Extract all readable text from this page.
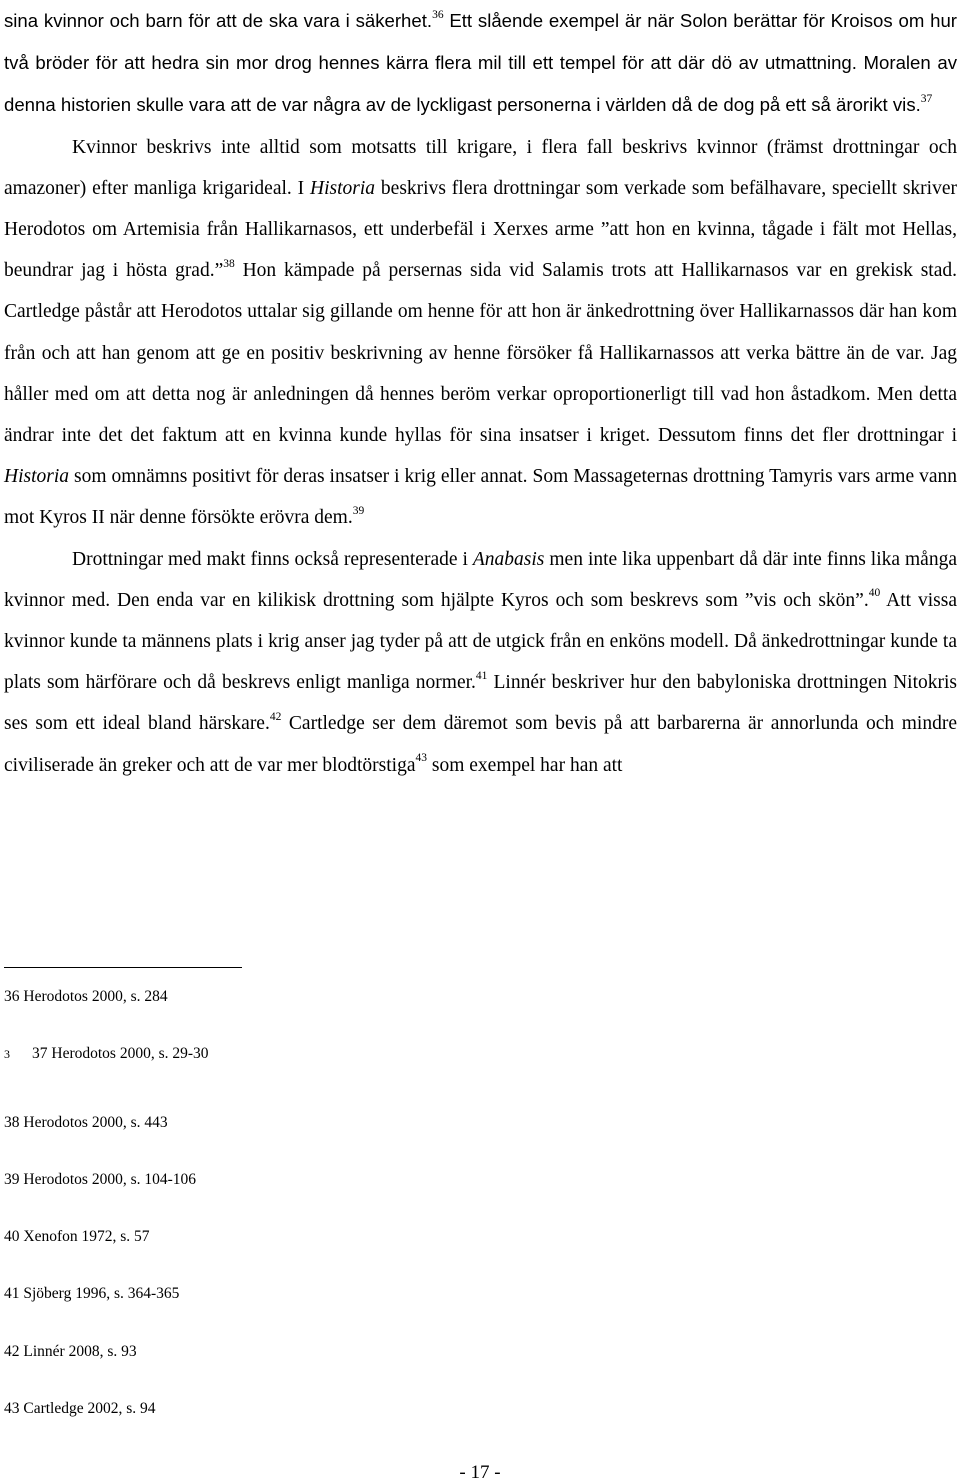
sina kvinnor och barn för att de ska vara i säkerhet.$^{36}$ Ett slående exempel är när Solon berättar för Kroisos om hur två bröder för att hedra sin mor drog hennes kärra flera mil till ett tempel för att där dö av utmattning. Moralen av denna historien skulle vara att de var några av de lyckligast personerna i världen då de dog på ett så ärorikt vis.$^{37}$

Kvinnor beskrivs inte alltid som motsatts till krigare, i flera fall beskrivs kvinnor (främst drottningar och amazoner) efter manliga krigarideal. I Historia beskrivs flera drottningar som verkade som befälhavare, speciellt skriver Herodotos om Artemisia från Hallikarnasos, ett underbefäl i Xerxes arme ”att hon en kvinna, tågade i fält mot Hellas, beundrar jag i hösta grad.”$^{38}$ Hon kämpade på persernas sida vid Salamis trots att Hallikarnasos var en grekisk stad. Cartledge påstår att Herodotos uttalar sig gillande om henne för att hon är änkedrottning över Hallikarnassos där han kom från och att han genom att ge en positiv beskrivning av henne försöker få Hallikarnassos att verka bättre än de var. Jag håller med om att detta nog är anledningen då hennes beröm verkar oproportionerligt till vad hon åstadkom. Men detta ändrar inte det det faktum att en kvinna kunde hyllas för sina insatser i kriget. Dessutom finns det fler drottningar i Historia som omnämns positivt för deras insatser i krig eller annat. Som Massageternas drottning Tamyris vars arme vann mot Kyros II när denne försökte erövra dem.$^{39}$

Drottningar med makt finns också representerade i Anabasis men inte lika uppenbart då där inte finns lika många kvinnor med. Den enda var en kilikisk drottning som hjälpte Kyros och som beskrevs som ”vis och skön”.$^{40}$ Att vissa kvinnor kunde ta männens plats i krig anser jag tyder på att de utgick från en enköns modell. Då änkedrottningar kunde ta plats som härförare och då beskrevs enligt manliga normer.$^{41}$ Linnér beskriver hur den babyloniska drottningen Nitokris ses som ett ideal bland härskare.$^{42}$ Cartledge ser dem däremot som bevis på att barbarerna är annorlunda och mindre civiliserade än greker och att de var mer blodtörstiga$^{43}$ som exempel har han att

36 Herodotos 2000, s. 284
3 37 Herodotos 2000, s. 29-30
38 Herodotos 2000, s. 443
39 Herodotos 2000, s. 104-106
40 Xenofon 1972, s. 57
41 Sjöberg 1996, s. 364-365
42 Linnér 2008, s. 93
43 Cartledge 2002, s. 94
- 17 -
